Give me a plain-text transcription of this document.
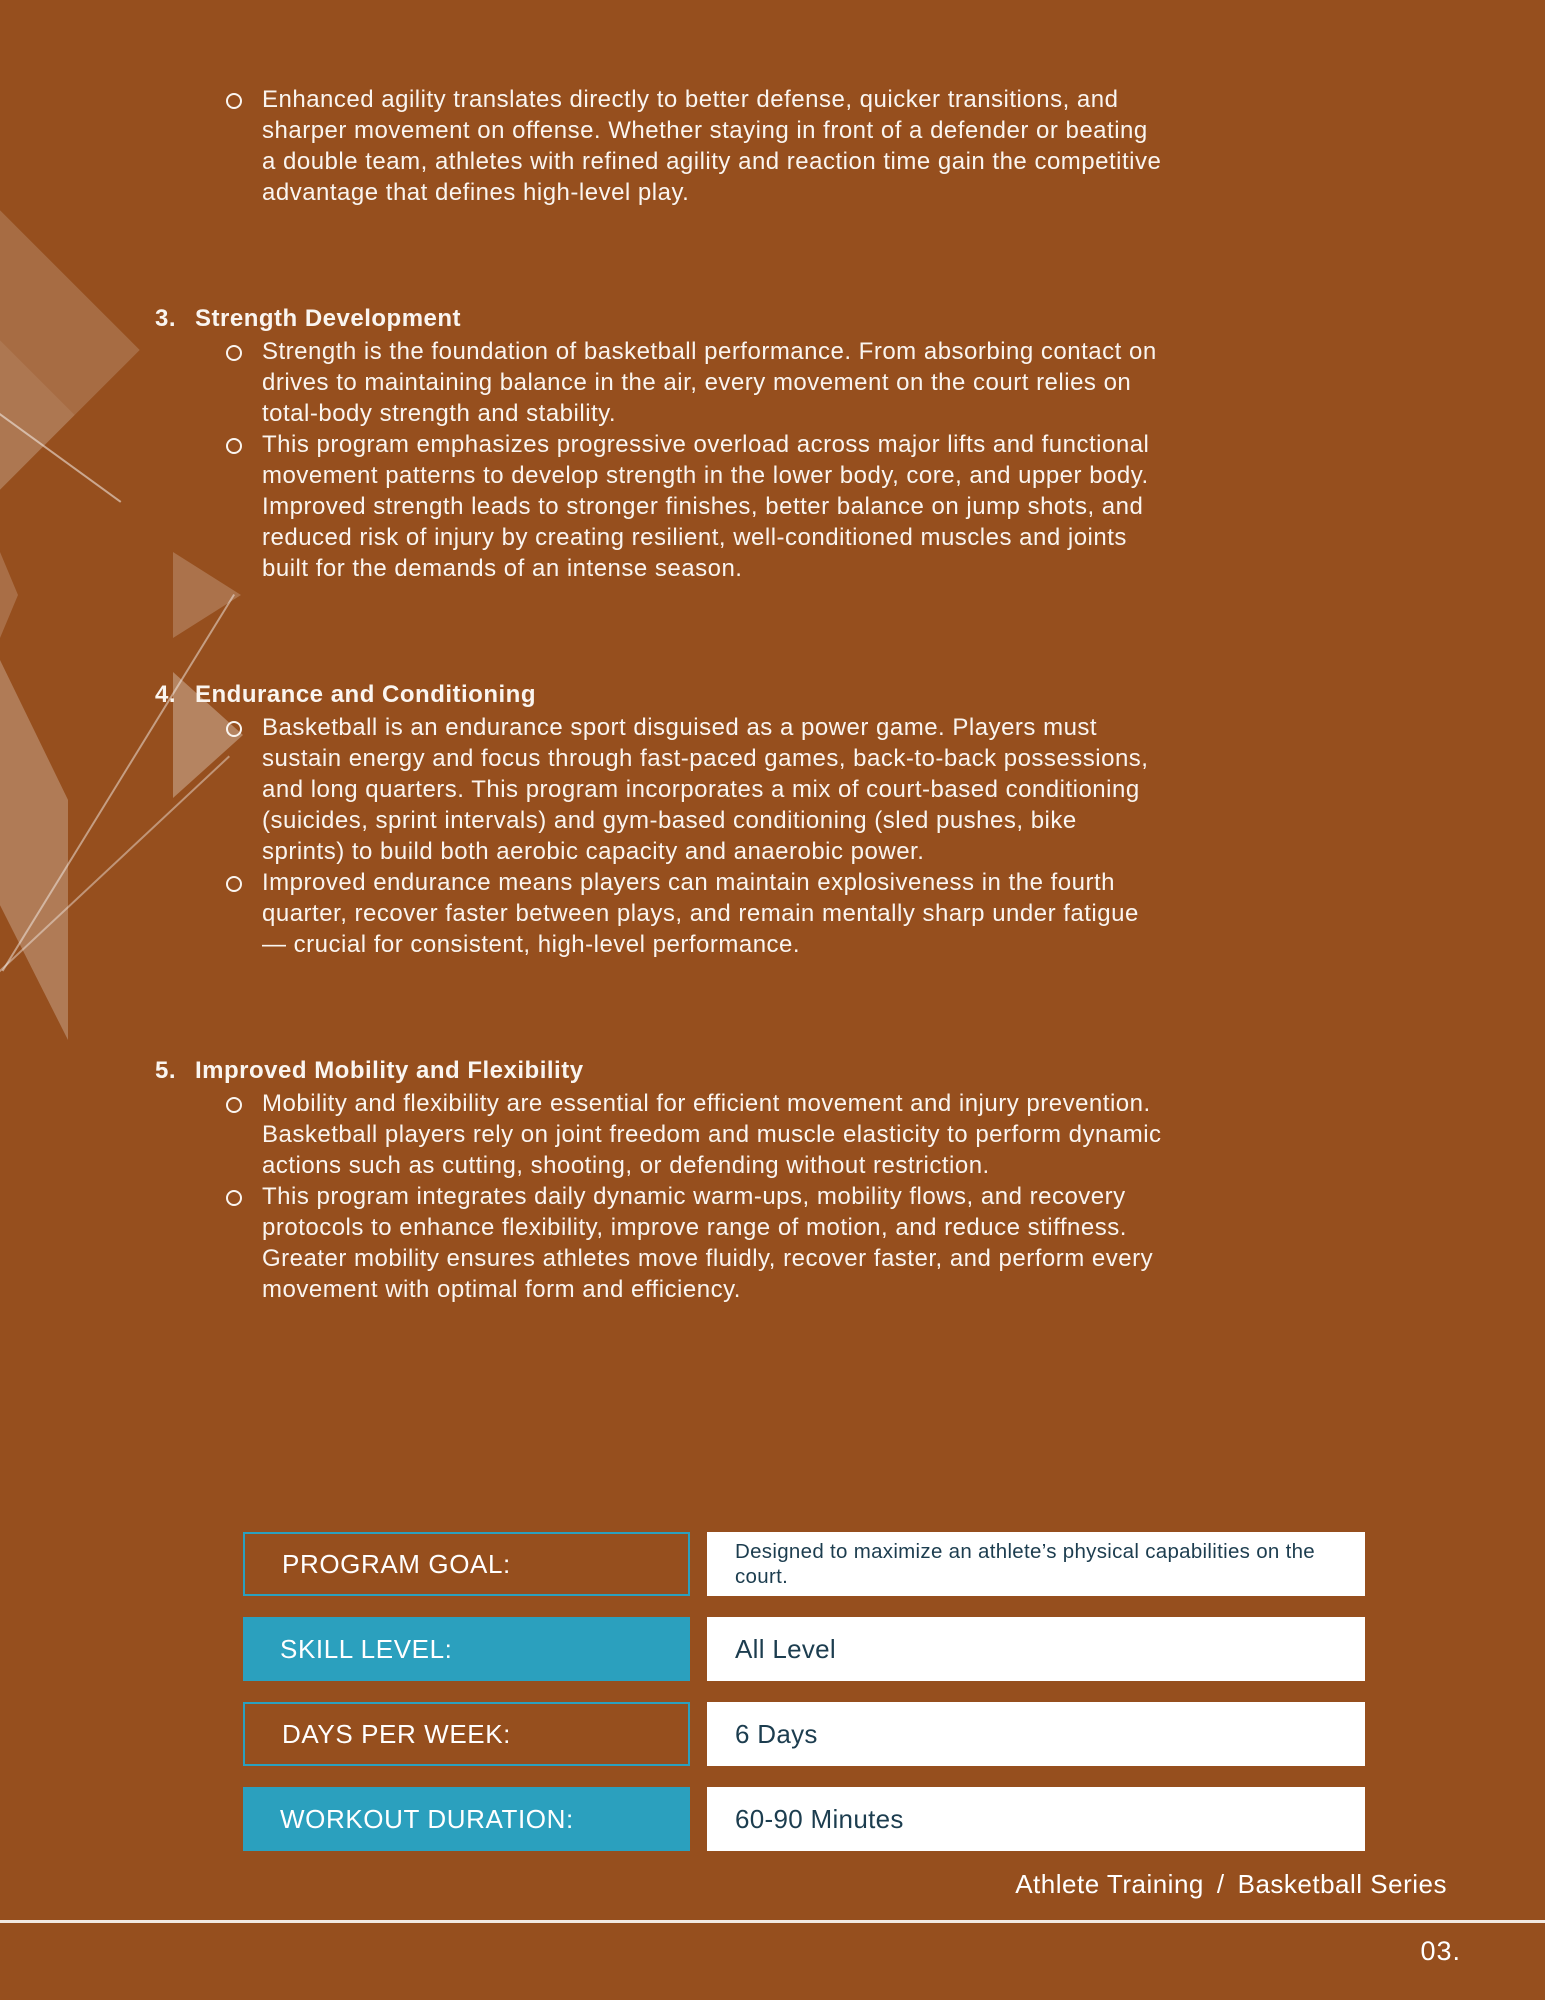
Enhanced agility translates directly to better defense, quicker transitions, and sharper movement on offense. Whether staying in front of a defender or beating a double team, athletes with refined agility and reaction time gain the competitive advantage that defines high-level play.

3. Strength Development

Strength is the foundation of basketball performance. From absorbing contact on drives to maintaining balance in the air, every movement on the court relies on total-body strength and stability.

This program emphasizes progressive overload across major lifts and functional movement patterns to develop strength in the lower body, core, and upper body. Improved strength leads to stronger finishes, better balance on jump shots, and reduced risk of injury by creating resilient, well-conditioned muscles and joints built for the demands of an intense season.

4. Endurance and Conditioning

Basketball is an endurance sport disguised as a power game. Players must sustain energy and focus through fast-paced games, back-to-back possessions, and long quarters. This program incorporates a mix of court-based conditioning (suicides, sprint intervals) and gym-based conditioning (sled pushes, bike sprints) to build both aerobic capacity and anaerobic power.

Improved endurance means players can maintain explosiveness in the fourth quarter, recover faster between plays, and remain mentally sharp under fatigue — crucial for consistent, high-level performance.

5. Improved Mobility and Flexibility

Mobility and flexibility are essential for efficient movement and injury prevention. Basketball players rely on joint freedom and muscle elasticity to perform dynamic actions such as cutting, shooting, or defending without restriction.

This program integrates daily dynamic warm-ups, mobility flows, and recovery protocols to enhance flexibility, improve range of motion, and reduce stiffness. Greater mobility ensures athletes move fluidly, recover faster, and perform every movement with optimal form and efficiency.

PROGRAM GOAL:	Designed to maximize an athlete’s physical capabilities on the court.
SKILL LEVEL:	All Level
DAYS PER WEEK:	6 Days
WORKOUT DURATION:	60-90 Minutes
Athlete Training / Basketball Series
03.
